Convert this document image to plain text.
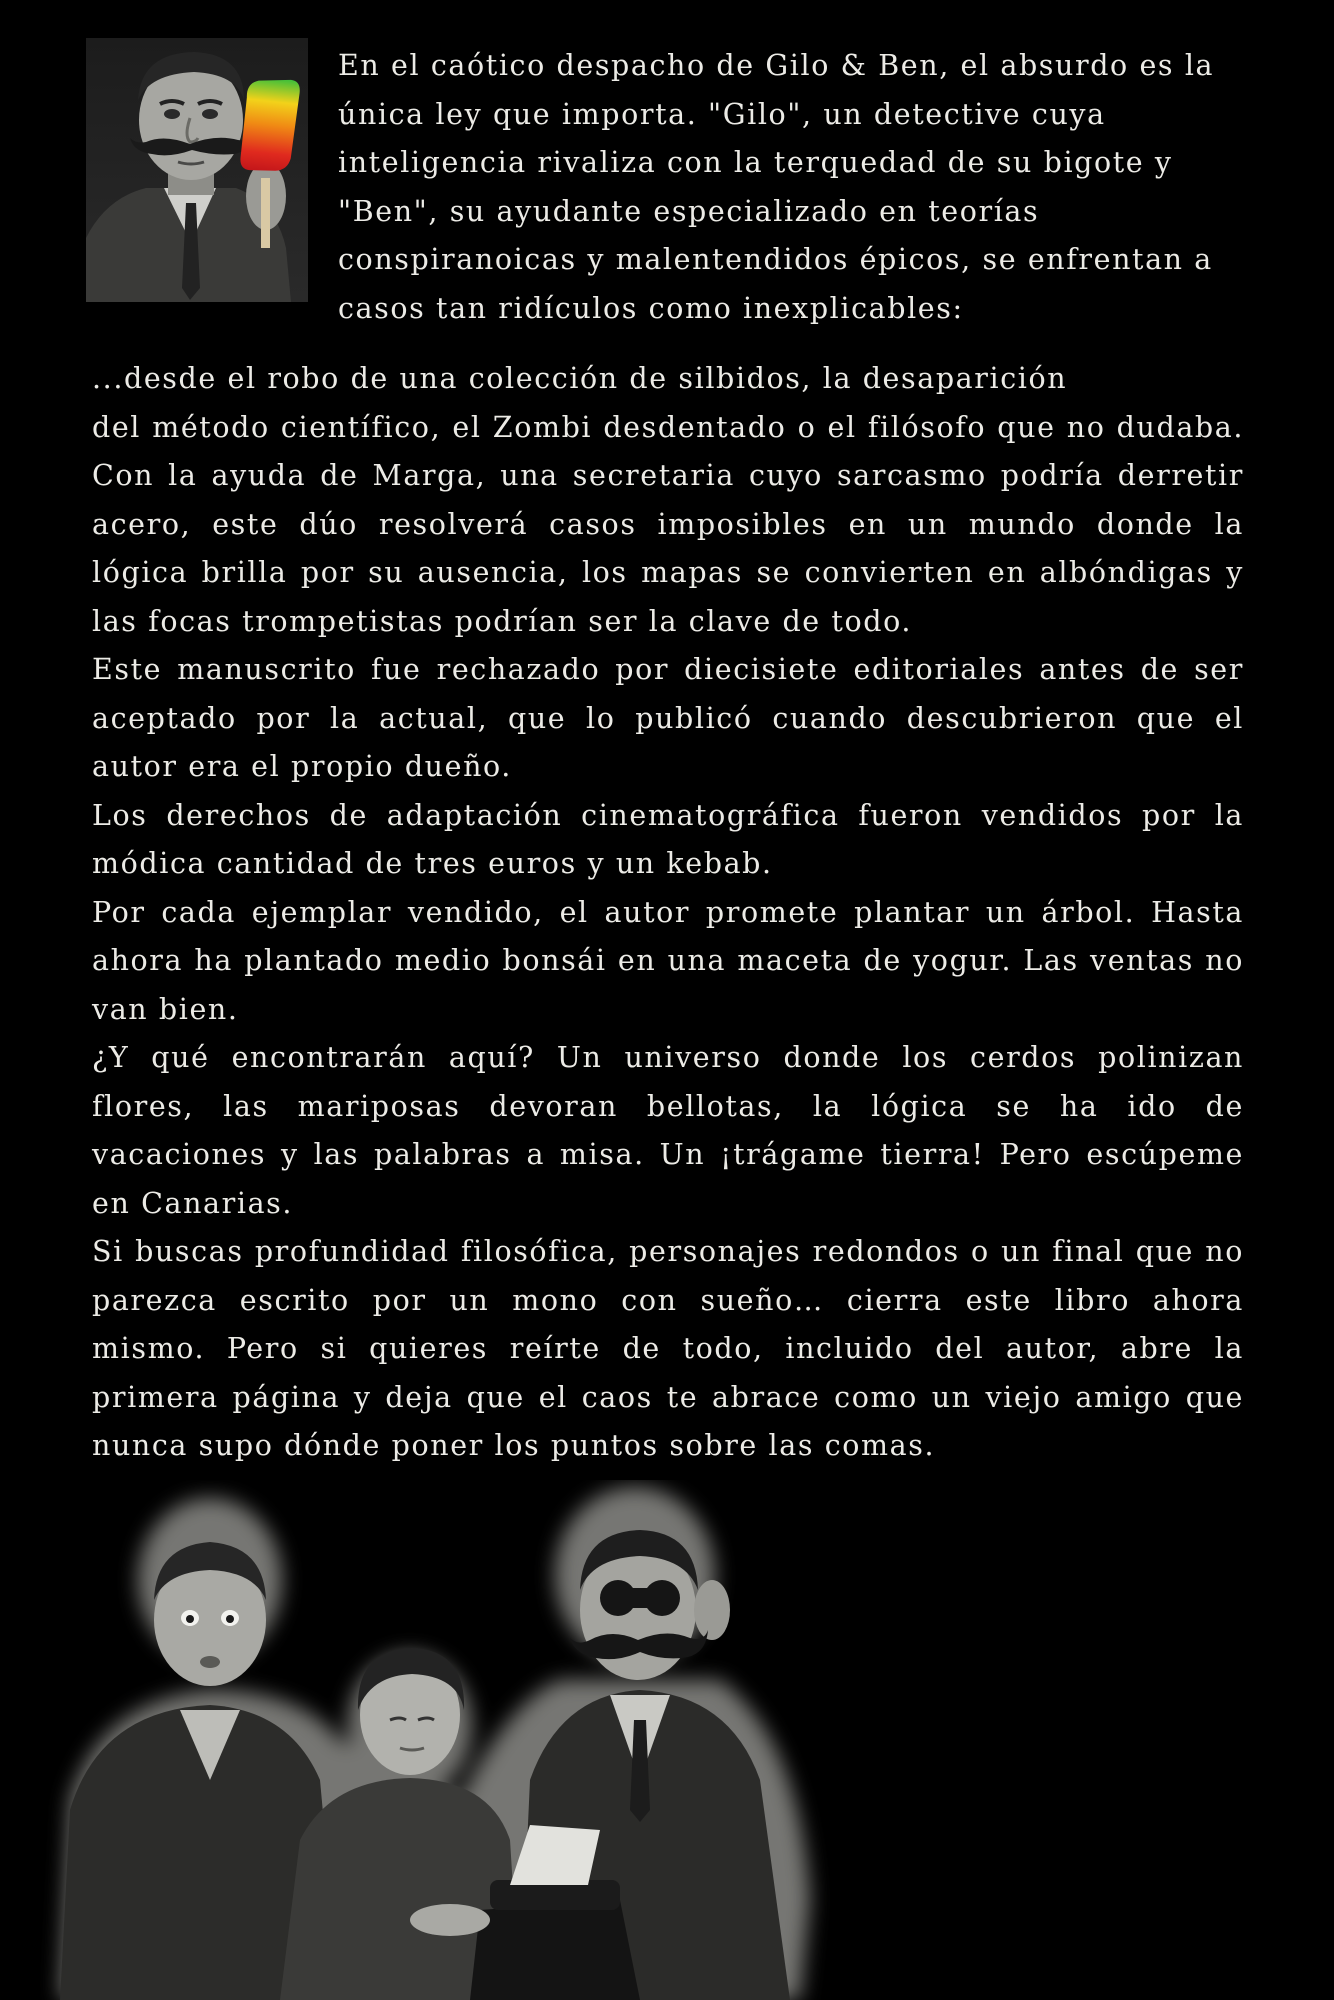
En el caótico despacho de Gilo & Ben, el absurdo es la única ley que importa. "Gilo", un detective cuya inteligencia rivaliza con la terquedad de su bigote y "Ben", su ayudante especializado en teorías conspiranoicas y malentendidos épicos, se enfrentan a casos tan ridículos como inexplicables:

...desde el robo de una colección de silbidos, la desaparición
del método científico, el Zombi desdentado o el filósofo que no dudaba. Con la ayuda de Marga, una secretaria cuyo sarcasmo podría derretir acero, este dúo resolverá casos imposibles en un mundo donde la lógica brilla por su ausencia, los mapas se convierten en albóndigas y las focas trompetistas podrían ser la clave de todo.

Este manuscrito fue rechazado por diecisiete editoriales antes de ser aceptado por la actual, que lo publicó cuando descubrieron que el autor era el propio dueño.

Los derechos de adaptación cinematográfica fueron vendidos por la módica cantidad de tres euros y un kebab.

Por cada ejemplar vendido, el autor promete plantar un árbol. Hasta ahora ha plantado medio bonsái en una maceta de yogur. Las ventas no van bien.

¿Y qué encontrarán aquí? Un universo donde los cerdos polinizan flores, las mariposas devoran bellotas, la lógica se ha ido de vacaciones y las palabras a misa. Un ¡trágame tierra! Pero escúpeme en Canarias.

Si buscas profundidad filosófica, personajes redondos o un final que no parezca escrito por un mono con sueño… cierra este libro ahora mismo. Pero si quieres reírte de todo, incluido del autor, abre la primera página y deja que el caos te abrace como un viejo amigo que nunca supo dónde poner los puntos sobre las comas.
